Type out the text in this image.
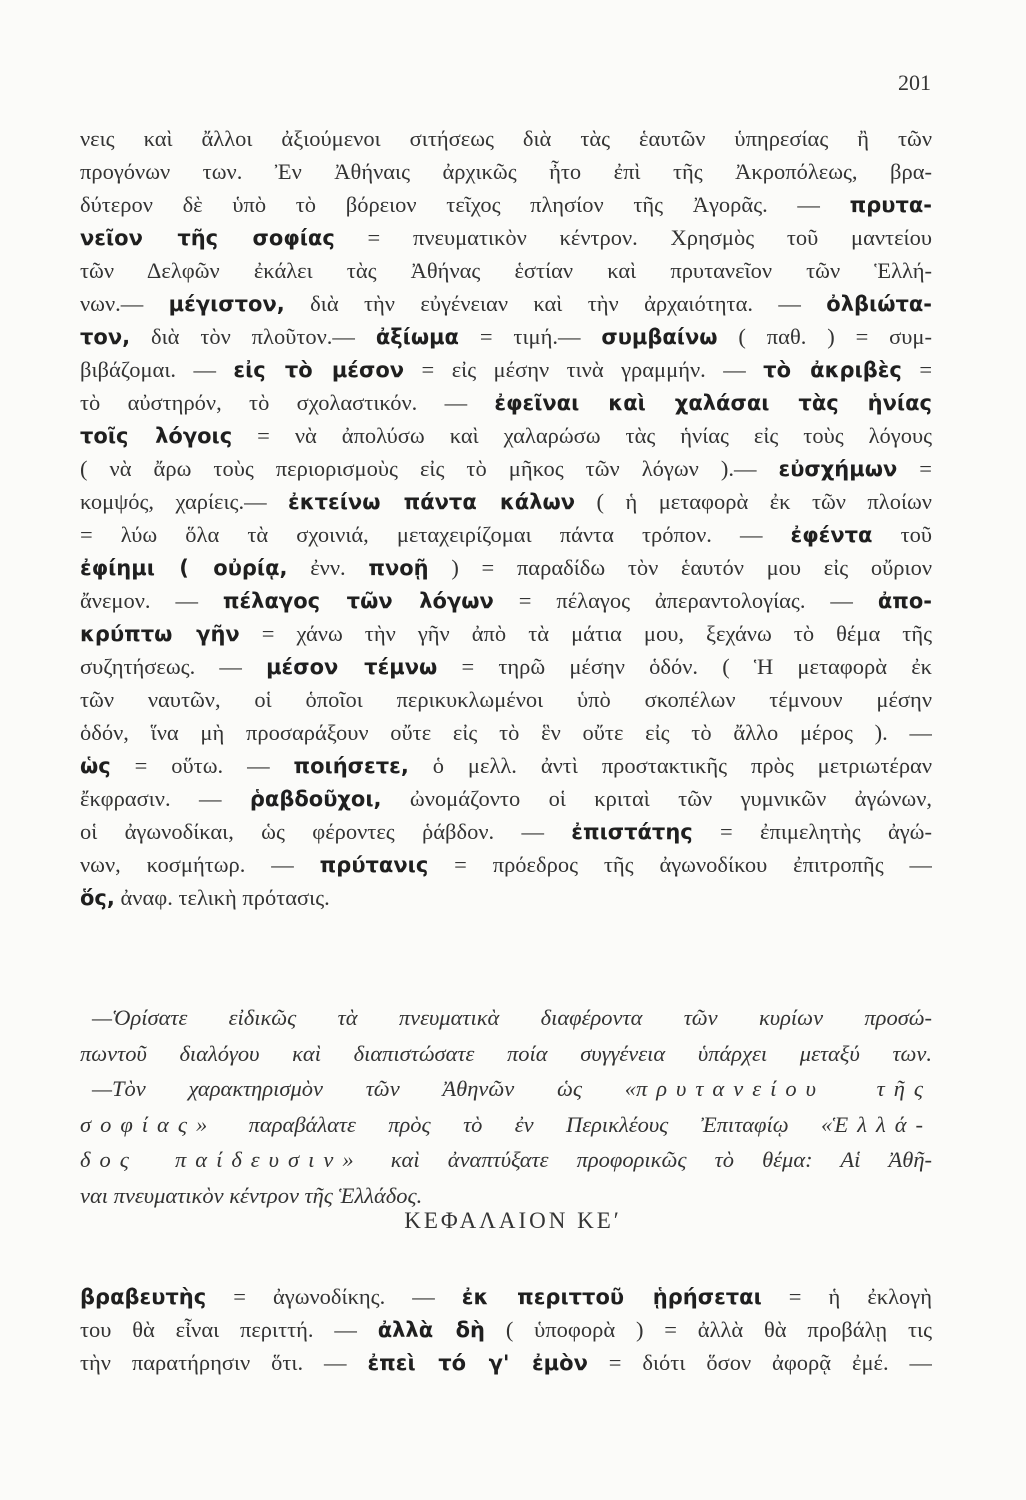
201
νεις καὶ ἄλλοι ἀξιούμενοι σιτήσεως διὰ τὰς ἑαυτῶν ὑπηρεσίας ἢ τῶν
προγόνων των. Ἐν Ἀθήναις ἀρχικῶς ἦτο ἐπὶ τῆς Ἀκροπόλεως, βρα-
δύτερον δὲ ὑπὸ τὸ βόρειον τεῖχος πλησίον τῆς Ἀγορᾶς. — πρυτα-
νεῖον τῆς σοφίας = πνευματικὸν κέντρον. Χρησμὸς τοῦ μαντείου
τῶν Δελφῶν ἐκάλει τὰς Ἀθήνας ἑστίαν καὶ πρυτανεῖον τῶν Ἑλλή-
νων.— μέγιστον, διὰ τὴν εὐγένειαν καὶ τὴν ἀρχαιότητα. — ὀλβιώτα-
τον, διὰ τὸν πλοῦτον.— ἀξίωμα = τιμή.— συμβαίνω ( παθ. ) = συμ-
βιβάζομαι. — εἰς τὸ μέσον = εἰς μέσην τινὰ γραμμήν. — τὸ ἀκριβὲς =
τὸ αὐστηρόν, τὸ σχολαστικόν. — ἐφεῖναι καὶ χαλάσαι τὰς ἡνίας
τοῖς λόγοις = νὰ ἀπολύσω καὶ χαλαρώσω τὰς ἡνίας εἰς τοὺς λόγους
( νὰ ἄρω τοὺς περιορισμοὺς εἰς τὸ μῆκος τῶν λόγων ).— εὐσχήμων =
κομψός, χαρίεις.— ἐκτείνω πάντα κάλων ( ἡ μεταφορὰ ἐκ τῶν πλοίων
= λύω ὅλα τὰ σχοινιά, μεταχειρίζομαι πάντα τρόπον. — ἐφέντα τοῦ
ἐφίημι ( οὐρίᾳ, ἐνν. πνοῇ ) = παραδίδω τὸν ἑαυτόν μου εἰς οὔριον
ἄνεμον. — πέλαγος τῶν λόγων = πέλαγος ἀπεραντολογίας. — ἀπο-
κρύπτω γῆν = χάνω τὴν γῆν ἀπὸ τὰ μάτια μου, ξεχάνω τὸ θέμα τῆς
συζητήσεως. — μέσον τέμνω = τηρῶ μέσην ὁδόν. ( Ἡ μεταφορὰ ἐκ
τῶν ναυτῶν, οἱ ὁποῖοι περικυκλωμένοι ὑπὸ σκοπέλων τέμνουν μέσην
ὁδόν, ἵνα μὴ προσαράξουν οὔτε εἰς τὸ ἓν οὔτε εἰς τὸ ἄλλο μέρος ). —
ὡς = οὕτω. — ποιήσετε, ὁ μελλ. ἀντὶ προστακτικῆς πρὸς μετριωτέραν
ἔκφρασιν. — ῥαβδοῦχοι, ὠνομάζοντο οἱ κριταὶ τῶν γυμνικῶν ἀγώνων,
οἱ ἀγωνοδίκαι, ὡς φέροντες ῥάβδον. — ἐπιστάτης = ἐπιμελητὴς ἀγώ-
νων, κοσμήτωρ. — πρύτανις = πρόεδρος τῆς ἀγωνοδίκου ἐπιτροπῆς —
ὅς, ἀναφ. τελικὴ πρότασις.
—Ὁρίσατε εἰδικῶς τὰ πνευματικὰ διαφέροντα τῶν κυρίων προσώ-
πωντοῦ διαλόγου καὶ διαπιστώσατε ποία συγγένεια ὑπάρχει μεταξύ των.
—Τὸν χαρακτηρισμὸν τῶν Ἀθηνῶν ὡς «πρυτανείου τῆς
σοφίας» παραβάλατε πρὸς τὸ ἐν Περικλέους Ἐπιταφίῳ «Ἑλλά-
δος παίδευσιν» καὶ ἀναπτύξατε προφορικῶς τὸ θέμα: Αἱ Ἀθῆ-
ναι πνευματικὸν κέντρον τῆς Ἑλλάδος.
ΚΕΦΑΛΑΙΟΝ ΚΕʹ
βραβευτὴς = ἀγωνοδίκης. — ἐκ περιττοῦ ᾑρήσεται = ἡ ἐκλογὴ
του θὰ εἶναι περιττή. — ἀλλὰ δὴ ( ὑποφορὰ ) = ἀλλὰ θὰ προβάλῃ τις
τὴν παρατήρησιν ὅτι. — ἐπεὶ τό γ' ἐμὸν = διότι ὅσον ἀφορᾷ ἐμέ. —
